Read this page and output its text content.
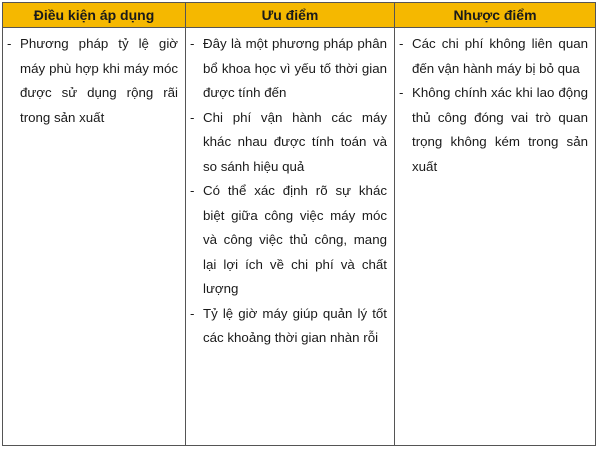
Điều kiện áp dụng	Ưu điểm	Nhược điểm
- Phương pháp tỷ lệ giờ máy phù hợp khi máy móc được sử dụng rộng rãi trong sản xuất
- Đây là một phương pháp phân bổ khoa học vì yếu tố thời gian được tính đến
- Chi phí vận hành các máy khác nhau được tính toán và so sánh hiệu quả
- Có thể xác định rõ sự khác biệt giữa công việc máy móc và công việc thủ công, mang lại lợi ích về chi phí và chất lượng
- Tỷ lệ giờ máy giúp quản lý tốt các khoảng thời gian nhàn rỗi
- Các chi phí không liên quan đến vận hành máy bị bỏ qua
- Không chính xác khi lao động thủ công đóng vai trò quan trọng không kém trong sản xuất
